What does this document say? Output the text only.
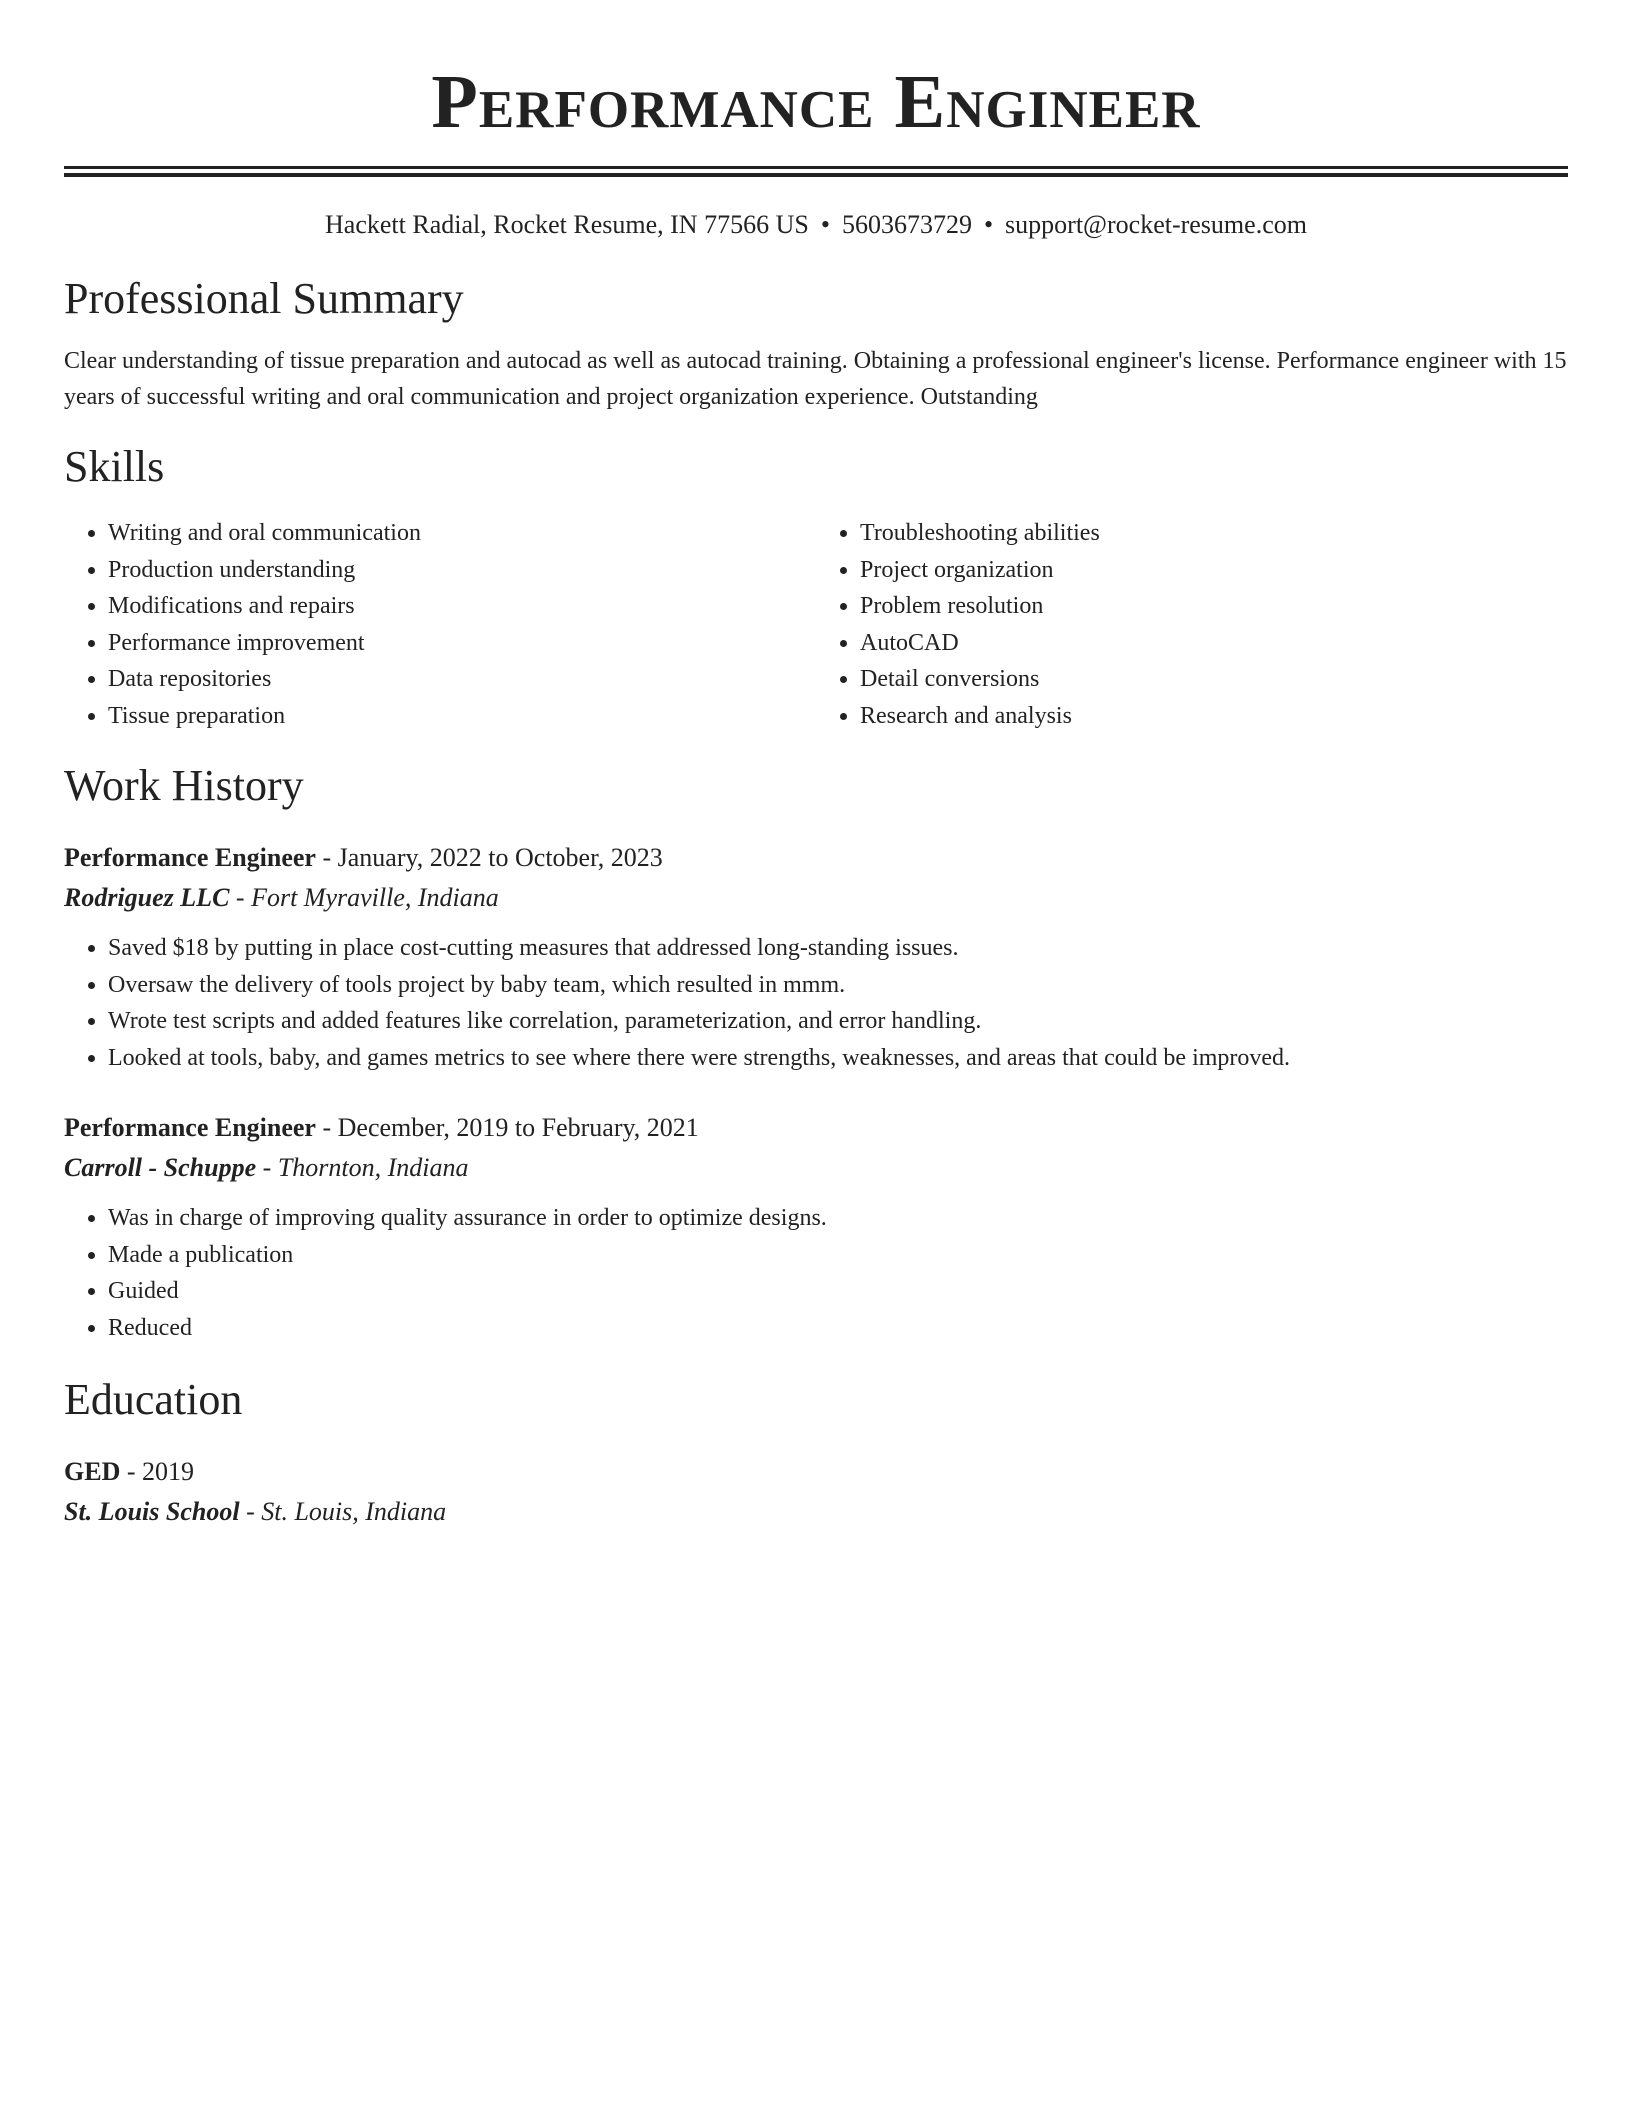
Performance Engineer
Hackett Radial, Rocket Resume, IN 77566 US • 5603673729 • support@rocket-resume.com
Professional Summary

Clear understanding of tissue preparation and autocad as well as autocad training. Obtaining a professional engineer's license. Performance engineer with 15 years of successful writing and oral communication and project organization experience. Outstanding

Skills
• Writing and oral communication
• Production understanding
• Modifications and repairs
• Performance improvement
• Data repositories
• Tissue preparation
• Troubleshooting abilities
• Project organization
• Problem resolution
• AutoCAD
• Detail conversions
• Research and analysis
Work History
Performance Engineer - January, 2022 to October, 2023
Rodriguez LLC - Fort Myraville, Indiana
• Saved $18 by putting in place cost-cutting measures that addressed long-standing issues.
• Oversaw the delivery of tools project by baby team, which resulted in mmm.
• Wrote test scripts and added features like correlation, parameterization, and error handling.
• Looked at tools, baby, and games metrics to see where there were strengths, weaknesses, and areas that could be improved.
Performance Engineer - December, 2019 to February, 2021
Carroll - Schuppe - Thornton, Indiana
• Was in charge of improving quality assurance in order to optimize designs.
• Made a publication
• Guided
• Reduced
Education
GED - 2019
St. Louis School - St. Louis, Indiana
